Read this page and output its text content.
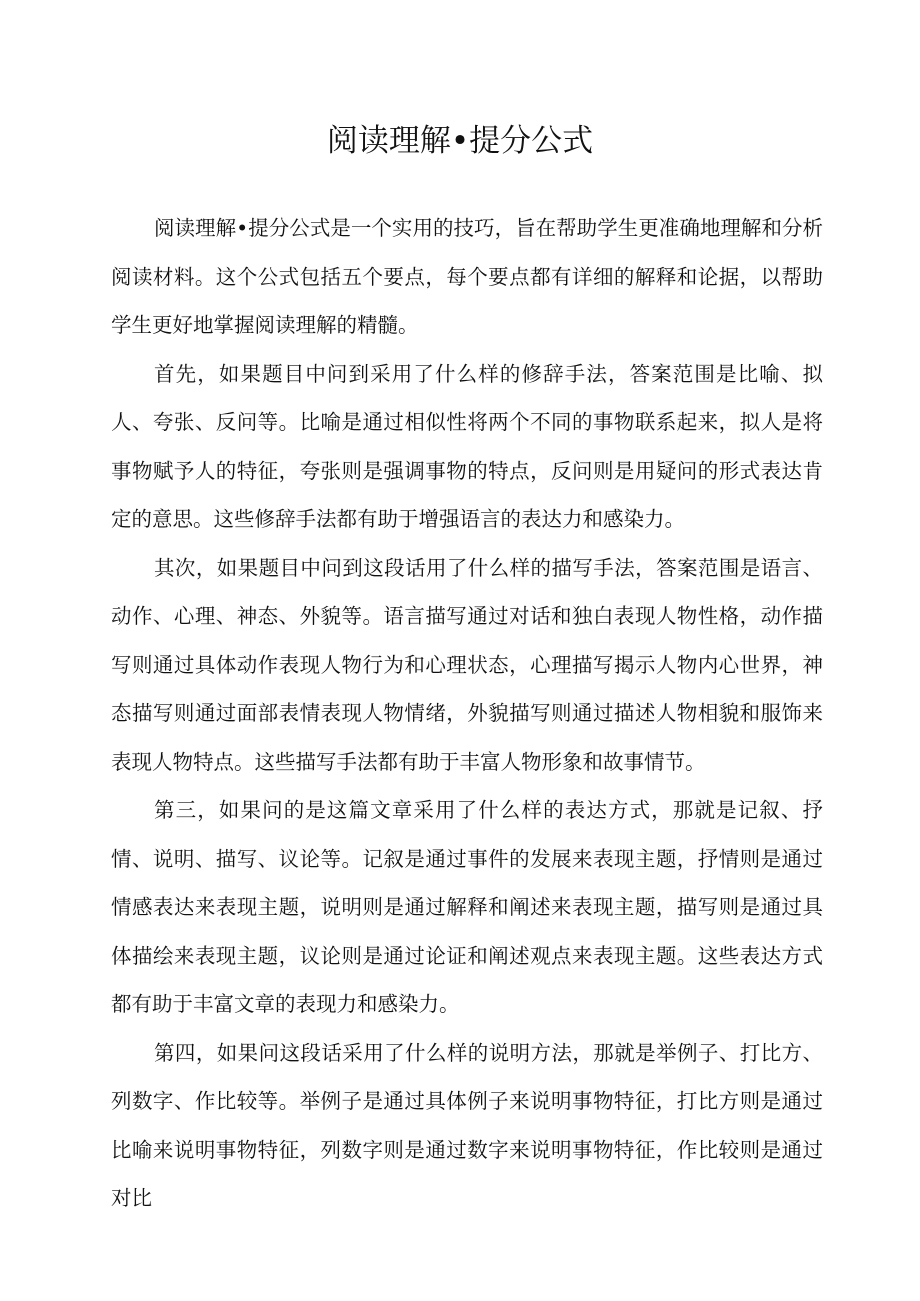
阅读理解•提分公式

阅读理解•提分公式是一个实用的技巧，旨在帮助学生更准确地理解和分析阅读材料。这个公式包括五个要点，每个要点都有详细的解释和论据，以帮助学生更好地掌握阅读理解的精髓。

首先，如果题目中问到采用了什么样的修辞手法，答案范围是比喻、拟人、夸张、反问等。比喻是通过相似性将两个不同的事物联系起来，拟人是将事物赋予人的特征，夸张则是强调事物的特点，反问则是用疑问的形式表达肯定的意思。这些修辞手法都有助于增强语言的表达力和感染力。

其次，如果题目中问到这段话用了什么样的描写手法，答案范围是语言、动作、心理、神态、外貌等。语言描写通过对话和独白表现人物性格，动作描写则通过具体动作表现人物行为和心理状态，心理描写揭示人物内心世界，神态描写则通过面部表情表现人物情绪，外貌描写则通过描述人物相貌和服饰来表现人物特点。这些描写手法都有助于丰富人物形象和故事情节。

第三，如果问的是这篇文章采用了什么样的表达方式，那就是记叙、抒情、说明、描写、议论等。记叙是通过事件的发展来表现主题，抒情则是通过情感表达来表现主题，说明则是通过解释和阐述来表现主题，描写则是通过具体描绘来表现主题，议论则是通过论证和阐述观点来表现主题。这些表达方式都有助于丰富文章的表现力和感染力。

第四，如果问这段话采用了什么样的说明方法，那就是举例子、打比方、列数字、作比较等。举例子是通过具体例子来说明事物特征，打比方则是通过比喻来说明事物特征，列数字则是通过数字来说明事物特征，作比较则是通过对比
